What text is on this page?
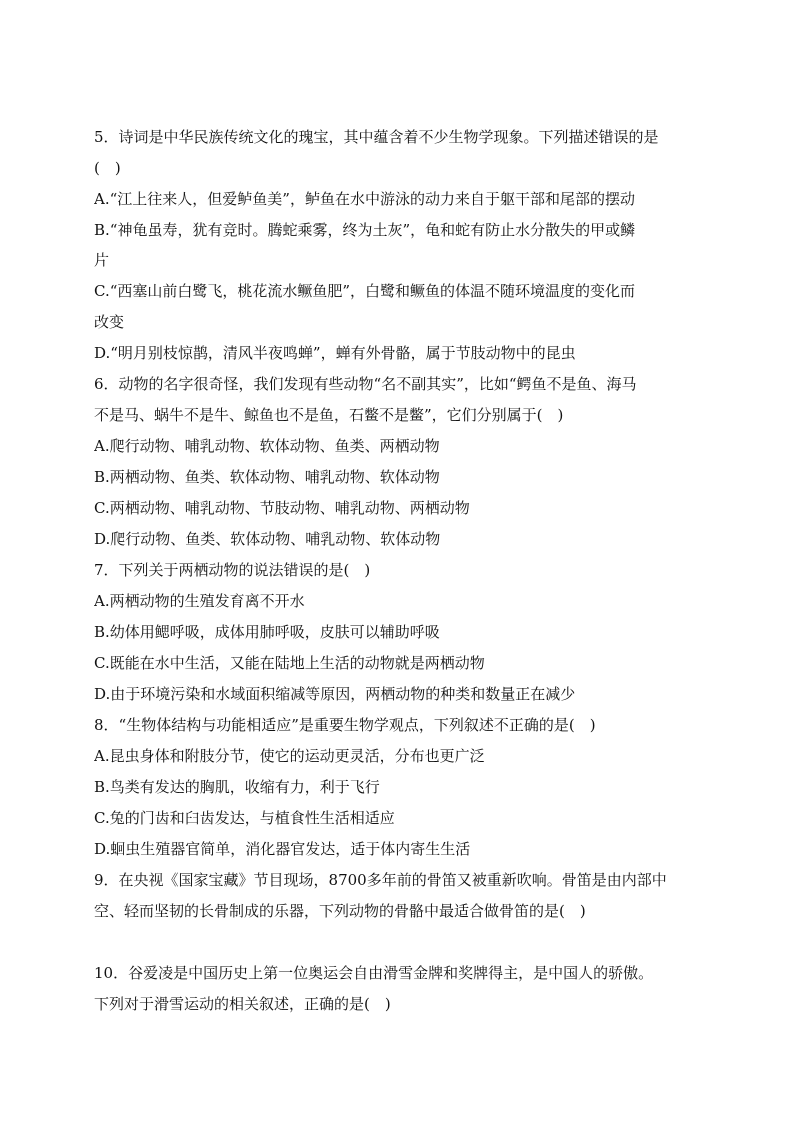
5．诗词是中华民族传统文化的瑰宝，其中蕴含着不少生物学现象。下列描述错误的是
(　)
A.“江上往来人，但爱鲈鱼美”，鲈鱼在水中游泳的动力来自于躯干部和尾部的摆动
B.“神龟虽寿，犹有竞时。腾蛇乘雾，终为土灰”，龟和蛇有防止水分散失的甲或鳞
片
C.“西塞山前白鹭飞，桃花流水鳜鱼肥”，白鹭和鳜鱼的体温不随环境温度的变化而
改变
D.“明月别枝惊鹊，清风半夜鸣蝉”，蝉有外骨骼，属于节肢动物中的昆虫
6．动物的名字很奇怪，我们发现有些动物“名不副其实”，比如“鳄鱼不是鱼、海马
不是马、蜗牛不是牛、鲸鱼也不是鱼，石鳖不是鳖”，它们分别属于(　)
A.爬行动物、哺乳动物、软体动物、鱼类、两栖动物
B.两栖动物、鱼类、软体动物、哺乳动物、软体动物
C.两栖动物、哺乳动物、节肢动物、哺乳动物、两栖动物
D.爬行动物、鱼类、软体动物、哺乳动物、软体动物
7．下列关于两栖动物的说法错误的是(　)
A.两栖动物的生殖发育离不开水
B.幼体用鳃呼吸，成体用肺呼吸，皮肤可以辅助呼吸
C.既能在水中生活，又能在陆地上生活的动物就是两栖动物
D.由于环境污染和水域面积缩减等原因，两栖动物的种类和数量正在减少
8．“生物体结构与功能相适应”是重要生物学观点，下列叙述不正确的是(　)
A.昆虫身体和附肢分节，使它的运动更灵活，分布也更广泛
B.鸟类有发达的胸肌，收缩有力，利于飞行
C.兔的门齿和臼齿发达，与植食性生活相适应
D.蛔虫生殖器官简单，消化器官发达，适于体内寄生生活
9．在央视《国家宝藏》节目现场，8700多年前的骨笛又被重新吹响。骨笛是由内部中
空、轻而坚韧的长骨制成的乐器，下列动物的骨骼中最适合做骨笛的是(　)
10．谷爱凌是中国历史上第一位奥运会自由滑雪金牌和奖牌得主，是中国人的骄傲。
下列对于滑雪运动的相关叙述，正确的是(　)
